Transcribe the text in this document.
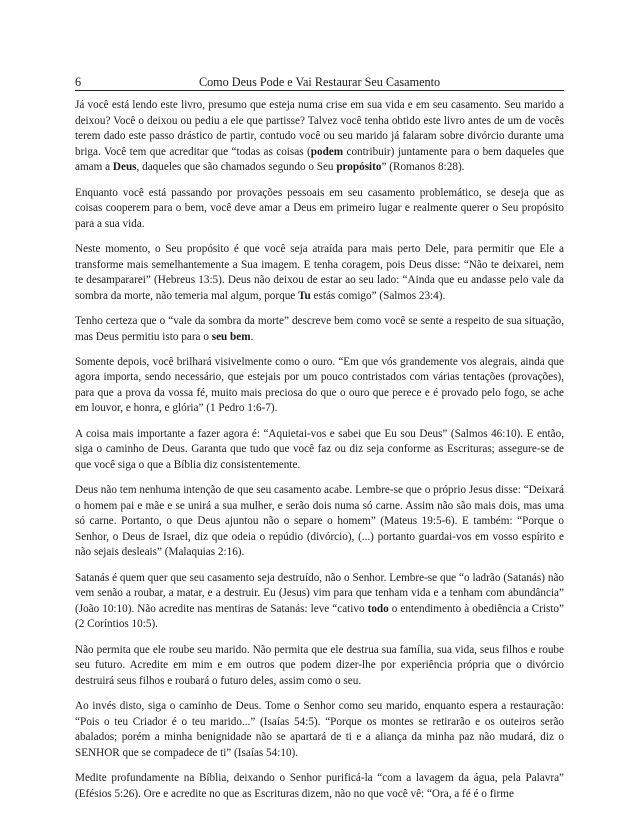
6	Como Deus Pode e Vai Restaurar Seu Casamento

Já você está lendo este livro, presumo que esteja numa crise em sua vida e em seu casamento. Seu marido a deixou? Você o deixou ou pediu a ele que partisse? Talvez você tenha obtido este livro antes de um de vocês terem dado este passo drástico de partir, contudo você ou seu marido já falaram sobre divórcio durante uma briga. Você tem que acreditar que “todas as coisas (podem contribuir) juntamente para o bem daqueles que amam a Deus, daqueles que são chamados segundo o Seu propósito” (Romanos 8:28).

Enquanto você está passando por provações pessoais em seu casamento problemático, se deseja que as coisas cooperem para o bem, você deve amar a Deus em primeiro lugar e realmente querer o Seu propósito para a sua vida.

Neste momento, o Seu propósito é que você seja atraída para mais perto Dele, para permitir que Ele a transforme mais semelhantemente a Sua imagem. E tenha coragem, pois Deus disse: “Não te deixarei, nem te desampararei” (Hebreus 13:5). Deus não deixou de estar ao seu lado: “Ainda que eu andasse pelo vale da sombra da morte, não temeria mal algum, porque Tu estás comigo” (Salmos 23:4).

Tenho certeza que o “vale da sombra da morte” descreve bem como você se sente a respeito de sua situação, mas Deus permitiu isto para o seu bem.

Somente depois, você brilhará visivelmente como o ouro. “Em que vós grandemente vos alegrais, ainda que agora importa, sendo necessário, que estejais por um pouco contristados com várias tentações (provações), para que a prova da vossa fé, muito mais preciosa do que o ouro que perece e é provado pelo fogo, se ache em louvor, e honra, e glória” (1 Pedro 1:6-7).

A coisa mais importante a fazer agora é: “Aquietai-vos e sabei que Eu sou Deus” (Salmos 46:10). E então, siga o caminho de Deus. Garanta que tudo que você faz ou diz seja conforme as Escrituras; assegure-se de que você siga o que a Bíblia diz consistentemente.

Deus não tem nenhuma intenção de que seu casamento acabe. Lembre-se que o próprio Jesus disse: “Deixará o homem pai e mãe e se unirá a sua mulher, e serão dois numa só carne. Assim não são mais dois, mas uma só carne. Portanto, o que Deus ajuntou não o separe o homem” (Mateus 19:5-6). E também: “Porque o Senhor, o Deus de Israel, diz que odeia o repúdio (divórcio), (...) portanto guardai-vos em vosso espírito e não sejais desleais” (Malaquias 2:16).

Satanás é quem quer que seu casamento seja destruído, não o Senhor. Lembre-se que “o ladrão (Satanás) não vem senão a roubar, a matar, e a destruir. Eu (Jesus) vim para que tenham vida e a tenham com abundância” (João 10:10). Não acredite nas mentiras de Satanás: leve “cativo todo o entendimento à obediência a Cristo” (2 Coríntios 10:5).

Não permita que ele roube seu marido. Não permita que ele destrua sua família, sua vida, seus filhos e roube seu futuro. Acredite em mim e em outros que podem dizer-lhe por experiência própria que o divórcio destruirá seus filhos e roubará o futuro deles, assim como o seu.

Ao invés disto, siga o caminho de Deus. Tome o Senhor como seu marido, enquanto espera a restauração: “Pois o teu Criador é o teu marido...” (Isaías 54:5). “Porque os montes se retirarão e os outeiros serão abalados; porém a minha benignidade não se apartará de ti e a aliança da minha paz não mudará, diz o SENHOR que se compadece de ti” (Isaías 54:10).

Medite profundamente na Bíblia, deixando o Senhor purificá-la “com a lavagem da água, pela Palavra” (Efésios 5:26). Ore e acredite no que as Escrituras dizem, não no que você vê: “Ora, a fé é o firme
